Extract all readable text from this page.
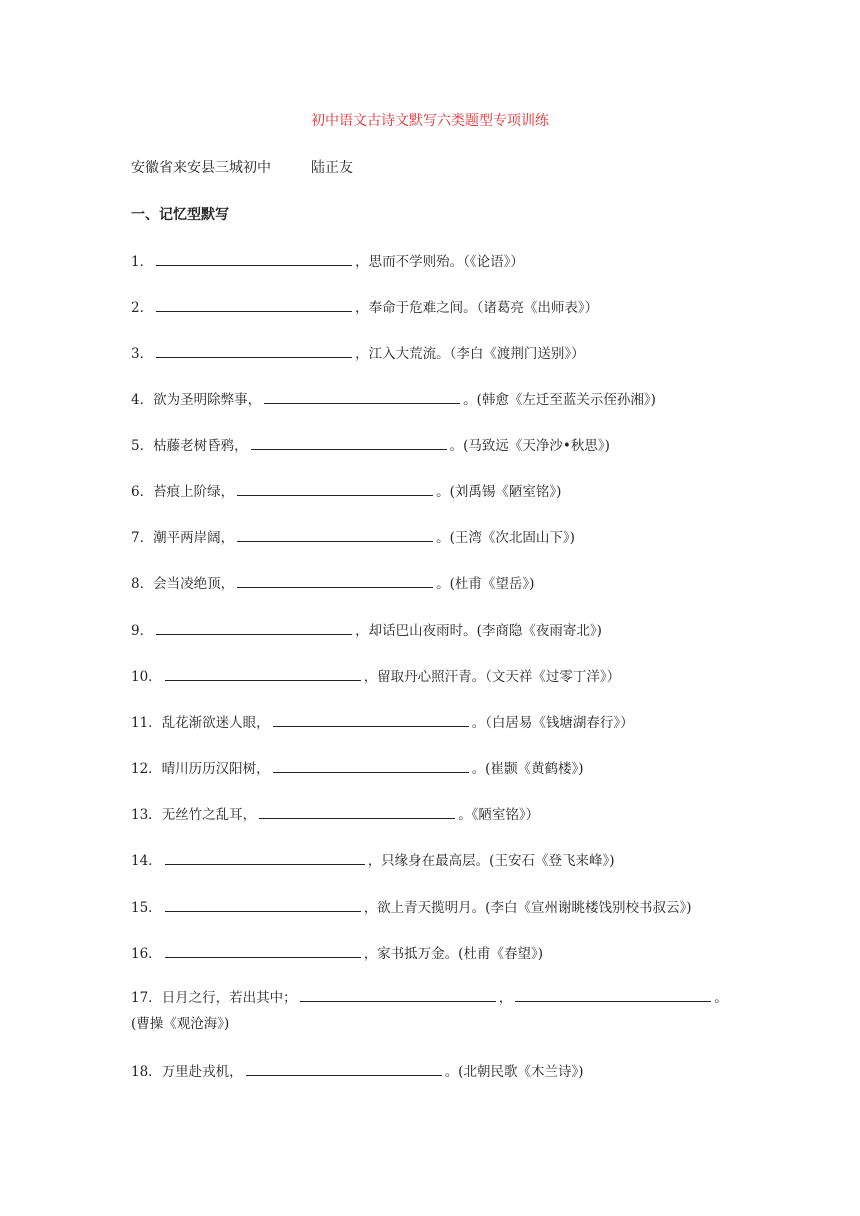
初中语文古诗文默写六类题型专项训练
安徽省来安县三城初中	陆正友
一、记忆型默写
1．	，思而不学则殆。（《论语》）
2．	，奉命于危难之间。（诸葛亮《出师表》）
3．	，江入大荒流。（李白《渡荆门送别》）
4．欲为圣明除弊事，	。(韩愈《左迁至蓝关示侄孙湘》)
5．枯藤老树昏鸦，	。(马致远《天净沙•秋思》)
6．苔痕上阶绿，	。(刘禹锡《陋室铭》)
7．潮平两岸阔，	。(王湾《次北固山下》)
8．会当凌绝顶，	。(杜甫《望岳》)
9．	，却话巴山夜雨时。(李商隐《夜雨寄北》)
10．	，留取丹心照汗青。（文天祥《过零丁洋》）
11．乱花渐欲迷人眼，	。（白居易《钱塘湖春行》）
12．晴川历历汉阳树，	。(崔颢《黄鹤楼》)
13．无丝竹之乱耳，	。《陋室铭》）
14．	，只缘身在最高层。(王安石《登飞来峰》)
15．	，欲上青天揽明月。(李白《宣州谢眺楼饯别校书叔云》)
16．	，家书抵万金。(杜甫《春望》)
17．日月之行，若出其中；	，	。
(曹操《观沧海》)
18．万里赴戎机，	。(北朝民歌《木兰诗》)
